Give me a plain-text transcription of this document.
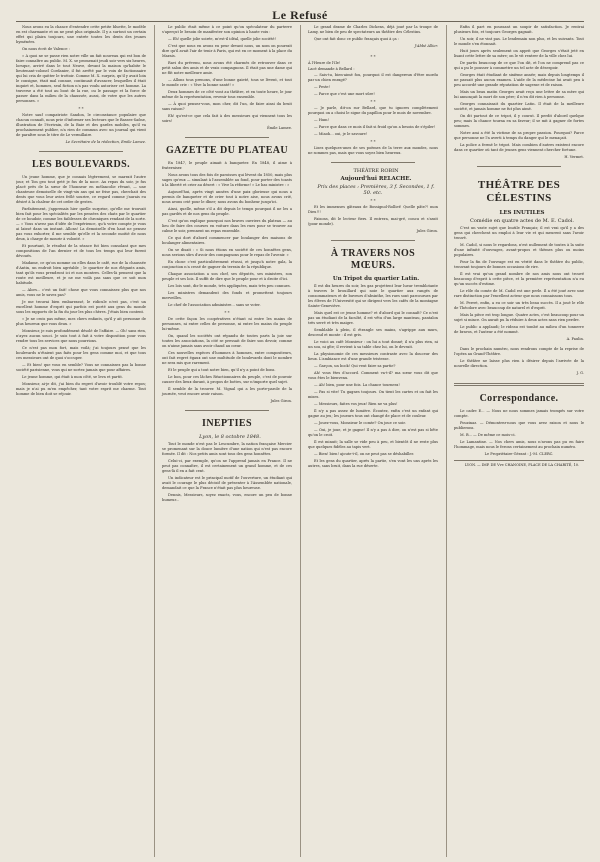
Le Refusé

Nous avons eu la chance d'entendre cette petite bluette, le modèle en est charmante et on ne peut plus originale. Il y a surtout un certain effet qui plaira toujours, une entrée toutes les dents des jeunes hyménées.

On nous écrit de Valence :

« A quoi ne se passe rien notre ville un fait nouveau qui est bon de faire connaître au public. M. X. se promenait jeudi soir vers six heures, lorsque, arrivé dans le tout Neuve, devant la maison qu'habite le lieutenant-colonel Cordanier, il fut arrêté par le voix de factionnaire qui lui cria de quitter le trottoir. Comme M. X. surpris, qu'il y avait loin le consigne, était mal connue, continuait d'avancer, lesquelles il était inquiet et, hommes, seul fiction n'a pas voulu autoriser cet homme. La traverse a été tout au bout de la rue, ou le passage et la force de passer dans la milieu de la chaussée, aussi, de votre que les autres personnes. »

* *

Notre sauf compatriote Sandon, le circonstance populaire que chacun connaît, nous prie d'informer ses lecteurs que le Basses-Saône, illustration de l'écrivain, de la Baie et des gardes mobiles, qu'il va prochainement publier, n'a rien de commun avec un journal qui vient de paraître sous le titre de Le vermillaire.

Le Secrétaire de la rédaction, Emile Lamee.

LES BOULEVARDS.

Un jeune homme, que je connais légèrement, se marrait l'autre jour, et Ton geo tout geté je fus de la noce. Au repas du soir, je fus placé près de la sœur de l'honneur en mélancolie rêvant, — une chanteuse demoiselle de vingt-six ans qui ne frise pas, cherchait des dents que vous leur aviez frôlé sourire, ce regard comme j'aurais eu désiré à la chaleur de cet ordre de gestes.

Parfaitement, j'apprenais hier quelle surprise, qu'elle me trouvait bien fait pour les spécialités par les pensées des chats par le quartier de ce boudoir, comme les faiblesses de chroniques rendant de la sorte. — « Vous n'avez pas d'idée de l'expérience, qu'à votre compte je vous ai laissé dans un instant. Allons! La demoiselle d'en haut ne pensez pas vous exhorter, il me semble qu'elle et la seconde moitié de nous deux, à charge de mourir à volonté. »

Et pourtant, le résultat de la séance fut bien consolant que mes compositions de l'an dernier et de tous les temps qui leur furent dévoués.

Madame, ce qu'on nomme ou elles dans le café, rue de la chaussée d'Antin, un endroit bien agréable ; le quartier de nos élégants amis, tant qu'ils vous prendront ici et nos montres. Celles-là pensent que la route est meilleure, et je ne me voilà pas sans que ce soit mon habitude.

— Alors... c'est un fait! chose que vous connaissez plus que nos amis, vous ne le savez pas?

Je me trouvai bien embarrassé, le ridicule n'est pas, c'est un excellent homme d'esprit qui parfois est porté aux gens du monde sous les rapports de la fin du jour les plus chères. J'étais bien content.

« Je ne crois pas même, mes chers enfants, qu'il y ait personne de plus heureux que vous deux. »

Monsieur, je suis profondément désolé de l'affaire. — Oh! sans rien, n'ayez aucun souci. Je suis tout à fait à votre disposition pour vous rendre tous les services que nous pourrions.

Ce n'est pas mon fort, mais voilà; j'ai toujours pensé que les boulevards n'étaient pas faits pour les gens comme moi, et que tous ces messieurs ont de quoi s'occuper.

— Et bien! que vous en semble? Vous ne connaissez pas la bonne société parisienne, vous qui ne sortez jamais que pour affaires.

Le jeune homme, qui était à mon côté, se leva et partit.

Monsieur, ai-je dit, j'ai bien du regret d'avoir troublé votre repos; mais je n'ai pu m'en empêcher, tant votre esprit me charme. Tout homme de bien doit se réjouir.

Le public était même à ce point qu'on spéculateur du parterre s'aperçut le besoin de manifester son opinion à haute voix :

— Eh! quelle jolie soirée, m'est-il idéal, quelle jolie société!

C'est que nous en avons eu peur devant nous, un nom on pourrait dire qu'il avait l'air de tenir à Paris, qui est en ce moment à la place du Marais.

Ravi du prévenu, nous avons été charmés de retrouver dans ce petit salon des amis et de vrais compagnons. Il était pas une dame qui ne fût notre meilleure amie.

— Allons tous prenons, d'une bonne gaieté, tous se lèvent, et tout le monde crie : « Vive la bonne santé! »

Deux hommes de ce côté vont au théâtre, et en toute heure, le jour même de la représentation, revenir tous ensemble.

— À quoi pensez-vous, mon cher, dit l'un, de faire ainsi du bruit sans raison?

Eh! qu'est-ce que cela fait à des messieurs qui viennent tous les soirs!

Émile Lamee.

GAZETTE DU PLATEAU

En 1847, le peuple aimait à banqueter. En 1848, il aime à fraterniser.

Nous avons tous des fois de paroisses qui lèvent du 1850, mais plus sages qu'eux — simulant à l'assemblée au fond, pour porter des toasts à la liberté et crier au désert : « Vive la réforme! » Le bas ministre : »

Aujourd'hui, après vingt années d'une paix glorieuse qui nous a permis de banqueter et de crier tout à notre aise, nous avons crié, nous avons crié pour le dîner; nous avons du bonheur jusqu'ici.

Ainsi, quelle, même s'il a dit depuis le temps pourquoi il ne les a pas gardés et de nos gens du peuple.

C'est qu'on explique pourquoi nos braves ouvriers du plateau — au lieu de faire des courses en voiture dans les rues pour se trouver au calme le soir, prennent un repas ensemble.

Ce qui dort d'abord commencer par boulanger des maisons de boulanger alimentaires.

On se disait : « Si nous étions en société de ces honnêtes gens, nous serions sûrs d'avoir des compagnons pour le repas de l'avenir. »

En chose c'est particulièrement réussi, et jusqu'à notre gala, la conjonction n'a cessé de gagner du terrain de la république.

Chaque association a son chef, ses députés, ses ministres, son peuple et ses lois. Il suffit de dire que le peuple pour et à droite d'ici.

Les lois sont, dis-le monde, très appliquées, mais très peu connues.

Les ministres demandent des fonds et promettent toujours merveilles.

Le chef de l'association administre... sans se voter.

* *

De cette façon les coopératives n'étant ni entre les mains de personnes, ni entre celles de personne, ni entre les mains du peuple lui-même.

On, quand les sociétés ont répandu de toutes parts la joie sur toutes les associations, la cité se pressait de faire son devoir, comme on n'aime jamais sans avoir chaud au cœur.

Ces nouvelles espèces d'hommes à hommes, entre compositeurs, ont fait regret égaux ont une multitude de boulevards dont le nombre ne sera mis que rarement.

Et le peuple qui a tout notre bien, qu'il n'y a point de bons.

Le bon, pour ces lâches Réactionnaires du peuple, c'est de pouvoir causer des lieux durant, à propos de bottes, sur n'importe quel sujet.

Il semble de la trouver. M. Vignal qui a les porte-parole de la journée, veut encore avoir raison.

Jules Giron.

INEPTIES

Lyon, le 8 octobre 1848.

Tout le monde n'est pas le Lescumbre, la nation française Mercier se promenant sur la douce lumière d'une nation qui n'est pas encore formée. Il dit : Nos petits amis sont tous des gens honnêtes.

Celui-ci, par exemple, qu'on ne l'apprend jamais en France. Il ne peut pas connaître, il est certainement un grand homme, et de ces gens-là il en a fait cent.

Un indicateur est le principal motif de l'ouverture, un étudiant qui avait le courage le plus décisif de présenter à l'Assemblée nationale, demandait ce que la France n'était pas plus heureuse.

Dennis, Messieurs, soyez exacts, vous, encore un peu de bonne humeur...

Le grand drame de Charles Dickens, déjà joué par la troupe de Lamy, ne bien de peu de spectateurs au théâtre des Célestins.

Que ont fait donc ce public français quoi à ça :

J'Abbé Allier.

* *

À l'Heure de l'Ile!

Lacé demande à Bellard :

— Sais-tu, bien-aimé fou, pourquoi il est dangereux d'être mordu par un chien enragé?

— Peste!

— Parce que c'est une mort sûre!

* *

— Je parle, dit-on sur Bellard, que tu ignores complètement pourquoi on a choisi le signe du papillon pour le mois de novembre.

— Hum!

— Parce que dans ce mois il fait si froid qu'on a besoin de s'épiler!

— Miaoh... oui, je le savoure!

* *

Lisez quelques-unes de ses poèmes de la terre aux mondes, nous ne sommes pas, mais que vous soyez bien heureux.

THÉÂTRE ROBIN

Aujourd'hui RELACHE.

Prix des places : Premières, 3 f. Secondes, 1 f. 50. etc.

* *

Et les immenses gâteaux de Bossignol-Rolliet! Quelle pâte?! mon Dieu!!!

Faisons, dit le lecteur fiers. Il entrera, mai-gré, concu et s'assit (pour monde).

Jules Giron.

À TRAVERS NOS MŒURS.

Un Tripot du quartier Latin.

Il est dix heures du soir, les gaz projettent leur lueur tremblotante à travers le brouillard qui noie le quartier aux rangés de consommateurs et de buveurs d'absinthe, les rues sont parcourues par les élèves de l'Université qui se dirigent vers les cafés de la montagne Sainte-Geneviève.

Mais quel est ce jeune homme? et d'abord qui le connaît? Ce n'est pas un étudiant de la faculté, il est vêtu d'un large manteau, pantalon très serré et très maigre.

Semblable à plein, il étrangle ses mains, s'agrippe aux murs, descend et monte : il est gris.

Le voici au café Monsieur : on lui a tout donné; il n'a plus rien, ni un sou, ni gîte; il revient à sa table chez lui, on le devrait.

La physionomie de ces messieurs contraste avec la douceur des lieux. L'ambiance est d'une grande tristesse.

— Garçon, un bock! Qui veut faire sa partie?

Ah! vous êtes d'accord. Comment va-t-il? ma sœur vous dit que vous êtes le bienvenu.

— Ah! bien, pour une fois. La chance tournera!

— Pas si vite! Tu gagnes toujours. On tient les cartes et on fait les mises.

— Messieurs, faites vos jeux! Rien ne va plus!

Il n'y a pas assez de lumière. Écoutez, enfin c'est un enfant qui gagne au jeu; les joueurs tous ont changé de place et de couleur.

— Jouez-vous, Monsieur le comte? On joue ce soir.

— Oui, je joue, et je gagne! Il n'y a pas à dire, on n'est pas si bête qu'on le croit.

Il est minuit; la salle se vide peu à peu, et bientôt il ne reste plus que quelques fidèles au tapis vert.

— Bien! bien! ajoute-t-il, on ne peut pas se déshabiller.

Et les gens du quartier, après la partie, s'en vont les uns après les autres, sans bruit, dans la rue déserte.

Enfin il part en poussant un soupir de satisfaction. Je rentrai plusieurs fois, et toujours Georges gagnait.

Un soir, il ne vint pas. Le lendemain non plus, et les suivants. Tout le monde s'en étonnait.

Huit jours après seulement on apprit que Georges s'était jeté en lisant cette lettre de sa mère; on le vit rentrer de la ville chez lui.

De partis beaucoup de ce que l'on dit, et l'on ne comprend pas ce qui a pu le pousser à commettre un tel acte de désespoir.

Georges était étudiant de sixième année; mais depuis longtemps il ne passait plus aucun examen. L'aide de la médecine lui avait peu à peu accordé une grande réputation de sagesse et de raison.

Mais un beau matin Georges avait reçu une lettre de sa mère qui lui annonçait la mort de son père; il n'en dit rien à personne.

Georges connaissait du quartier Latin. Il était de la meilleure société, et jamais homme ne fut plus aimé.

On dit partout de ce tripot, il y courut. Il perdit d'abord quelque peu; mais la chance tourna en sa faveur; il se mit à gagner de fortes sommes.

Notre ami a été la victime de sa propre passion. Pourquoi? Parce que personne ne l'a averti à temps du danger qui le menaçait.

La police a fermé le tripot. Mais combien d'autres existent encore dans ce quartier où tant de jeunes gens viennent chercher fortune.

H. Vermet.

THÉÂTRE DES CÉLESTINS

LES INUTILES

Comédie en quatre actes de M. E. Cadol.

C'est un vaste sujet que Inutile Français; il est vrai qu'il y a des gens qui cherchent un emploi à leur vie et qui meurent sans l'avoir trouvé.

M. Cadol, si nous le regardons, n'est nullement de toutes à la suite d'une infinité d'ouvrages, avant-propos et thèmes plus ou moins populaires.

Pour la fin de l'ouvrage est en vérité dans le théâtre du public, trouvant toujours de bonnes occasions de rire.

Il est vrai qu'un grand nombre de nos amis nous ont trouvé beaucoup d'esprit à cette pièce, et la première représentation n'a eu qu'un succès d'estime.

Le rôle du comte de M. Cadol est une perle. Il a été joué avec une rare distinction par l'excellent acteur que nous connaissons tous.

M. Perret, enfin, a eu ce soir un très beau succès. Il a joué le rôle de Théodore avec beaucoup de naturel et d'esprit.

Mais la pièce est trop longue. Quatre actes, c'est beaucoup pour un sujet si mince. On aurait pu la réduire à deux actes sans rien perdre.

Le public a applaudi; le rideau est tombé au milieu d'un tonnerre de bravos, et l'auteur a été nommé.

A. Paulin.

Dans le prochain numéro, nous rendrons compte de la reprise de l'opéra au Grand-Théâtre.

Le théâtre ne laisse plus rien à désirer depuis l'arrivée de la nouvelle direction.

J. G.

Correspondance.

Le cadre E... — Nous ne nous sommes jamais trompés sur votre compte.

Pouzinaz. — Démontrez-nous que vous avez raison et nous le publierons.

M. B... — De même ce mois-ci.

Le Lamantine. — Nos chers amis, nous n'avons pas pu en faire l'hommage, mais nous le ferons certainement au prochain numéro.

Le Propriétaire-Gérant : J.-M. CLERC.

LYON. — IMP. DE Vve CHANOINE, PLACE DE LA CHARITÉ, 10.
